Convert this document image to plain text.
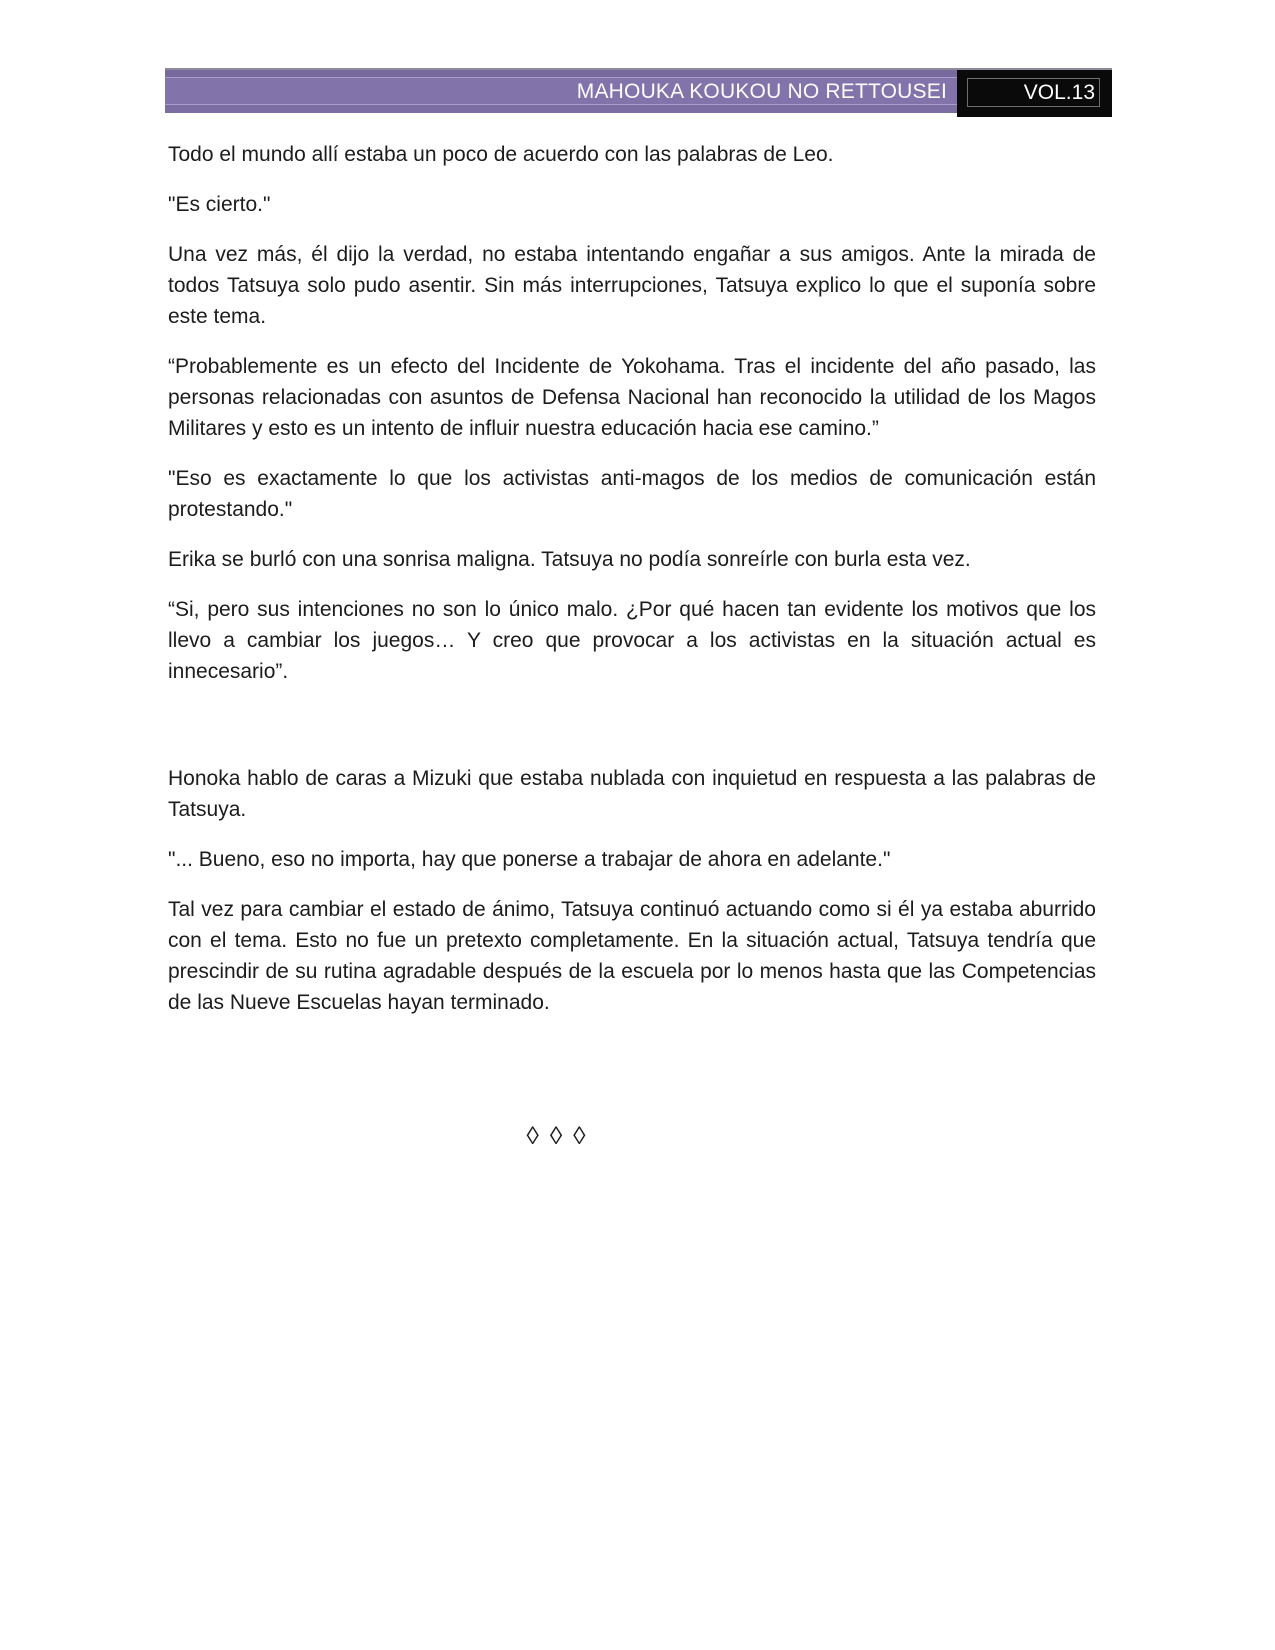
MAHOUKA KOUKOU NO RETTOUSEI	VOL.13

Todo el mundo allí estaba un poco de acuerdo con las palabras de Leo.

"Es cierto."

Una vez más, él dijo la verdad, no estaba intentando engañar a sus amigos. Ante la mirada de todos Tatsuya solo pudo asentir. Sin más interrupciones, Tatsuya explico lo que el suponía sobre este tema.

“Probablemente es un efecto del Incidente de Yokohama. Tras el incidente del año pasado, las personas relacionadas con asuntos de Defensa Nacional han reconocido la utilidad de los Magos Militares y esto es un intento de influir nuestra educación hacia ese camino.”

"Eso es exactamente lo que los activistas anti-magos de los medios de comunicación están protestando."

Erika se burló con una sonrisa maligna. Tatsuya no podía sonreírle con burla esta vez.

“Si, pero sus intenciones no son lo único malo. ¿Por qué hacen tan evidente los motivos que los llevo a cambiar los juegos… Y creo que provocar a los activistas en la situación actual es innecesario”.

Honoka hablo de caras a Mizuki que estaba nublada con inquietud en respuesta a las palabras de Tatsuya.

"... Bueno, eso no importa, hay que ponerse a trabajar de ahora en adelante."

Tal vez para cambiar el estado de ánimo, Tatsuya continuó actuando como si él ya estaba aburrido con el tema. Esto no fue un pretexto completamente. En la situación actual, Tatsuya tendría que prescindir de su rutina agradable después de la escuela por lo menos hasta que las Competencias de las Nueve Escuelas hayan terminado.

◊ ◊ ◊
